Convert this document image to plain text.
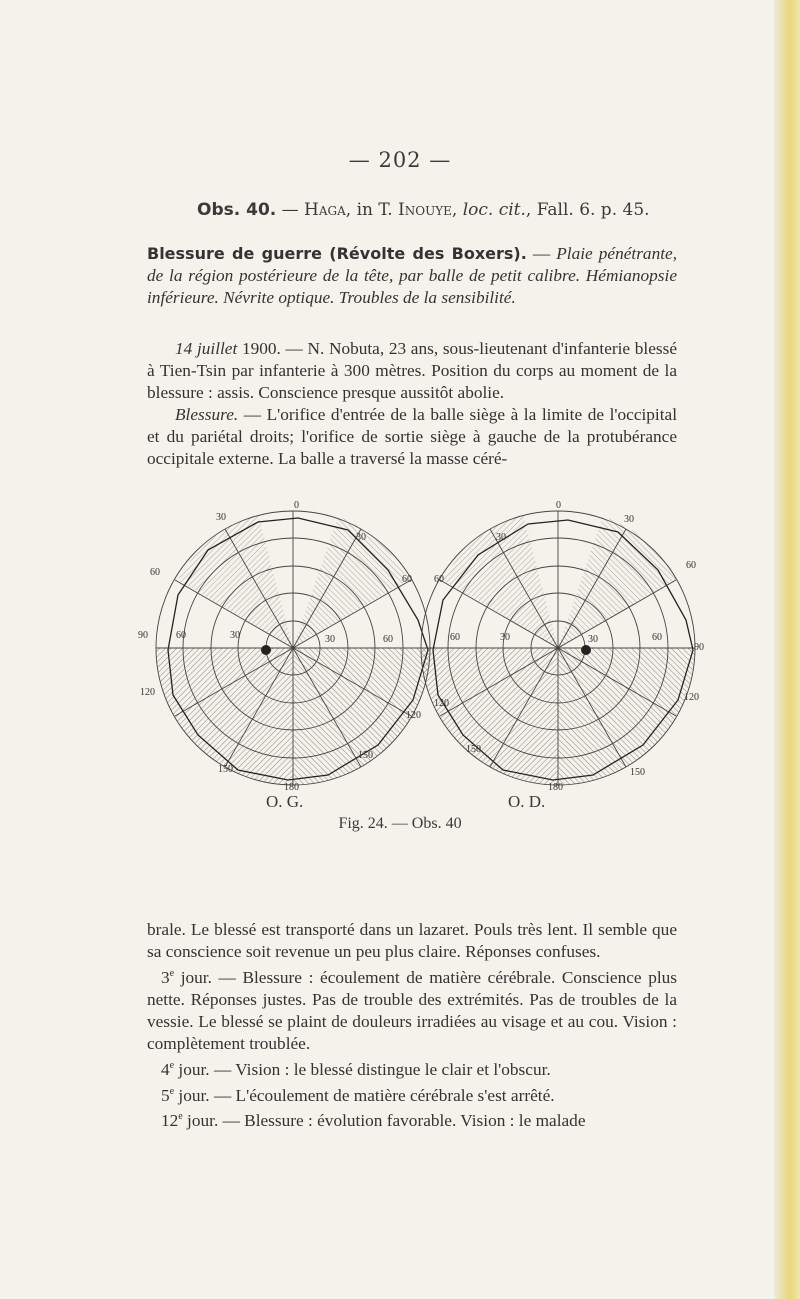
— 202 —
Obs. 40. — Haga, in T. Inouye, loc. cit., Fall. 6. p. 45.
Blessure de guerre (Révolte des Boxers). — Plaie pénétrante, de la région postérieure de la tête, par balle de petit calibre. Hémianopsie inférieure. Névrite optique. Troubles de la sensibilité.
14 juillet 1900. — N. Nobuta, 23 ans, sous-lieutenant d'infanterie blessé à Tien-Tsin par infanterie à 300 mètres. Position du corps au moment de la blessure : assis. Conscience presque aussitôt abolie.
Blessure. — L'orifice d'entrée de la balle siège à la limite de l'occipital et du pariétal droits; l'orifice de sortie siège à gauche de la protubérance occipitale externe. La balle a traversé la masse céré-
30
0
30
60
60
90	60	30	30	60
120
120
150
150
180
0
30
30
60
60
60	30	30	60
90
120
120
150
150
180
O. G.	O. D.
Fig. 24. — Obs. 40

brale. Le blessé est transporté dans un lazaret. Pouls très lent. Il semble que sa conscience soit revenue un peu plus claire. Réponses confuses.

3e jour. — Blessure : écoulement de matière cérébrale. Conscience plus nette. Réponses justes. Pas de trouble des extrémités. Pas de troubles de la vessie. Le blessé se plaint de douleurs irradiées au visage et au cou. Vision : complètement troublée.

4e jour. — Vision : le blessé distingue le clair et l'obscur.

5e jour. — L'écoulement de matière cérébrale s'est arrêté.

12e jour. — Blessure : évolution favorable. Vision : le malade
